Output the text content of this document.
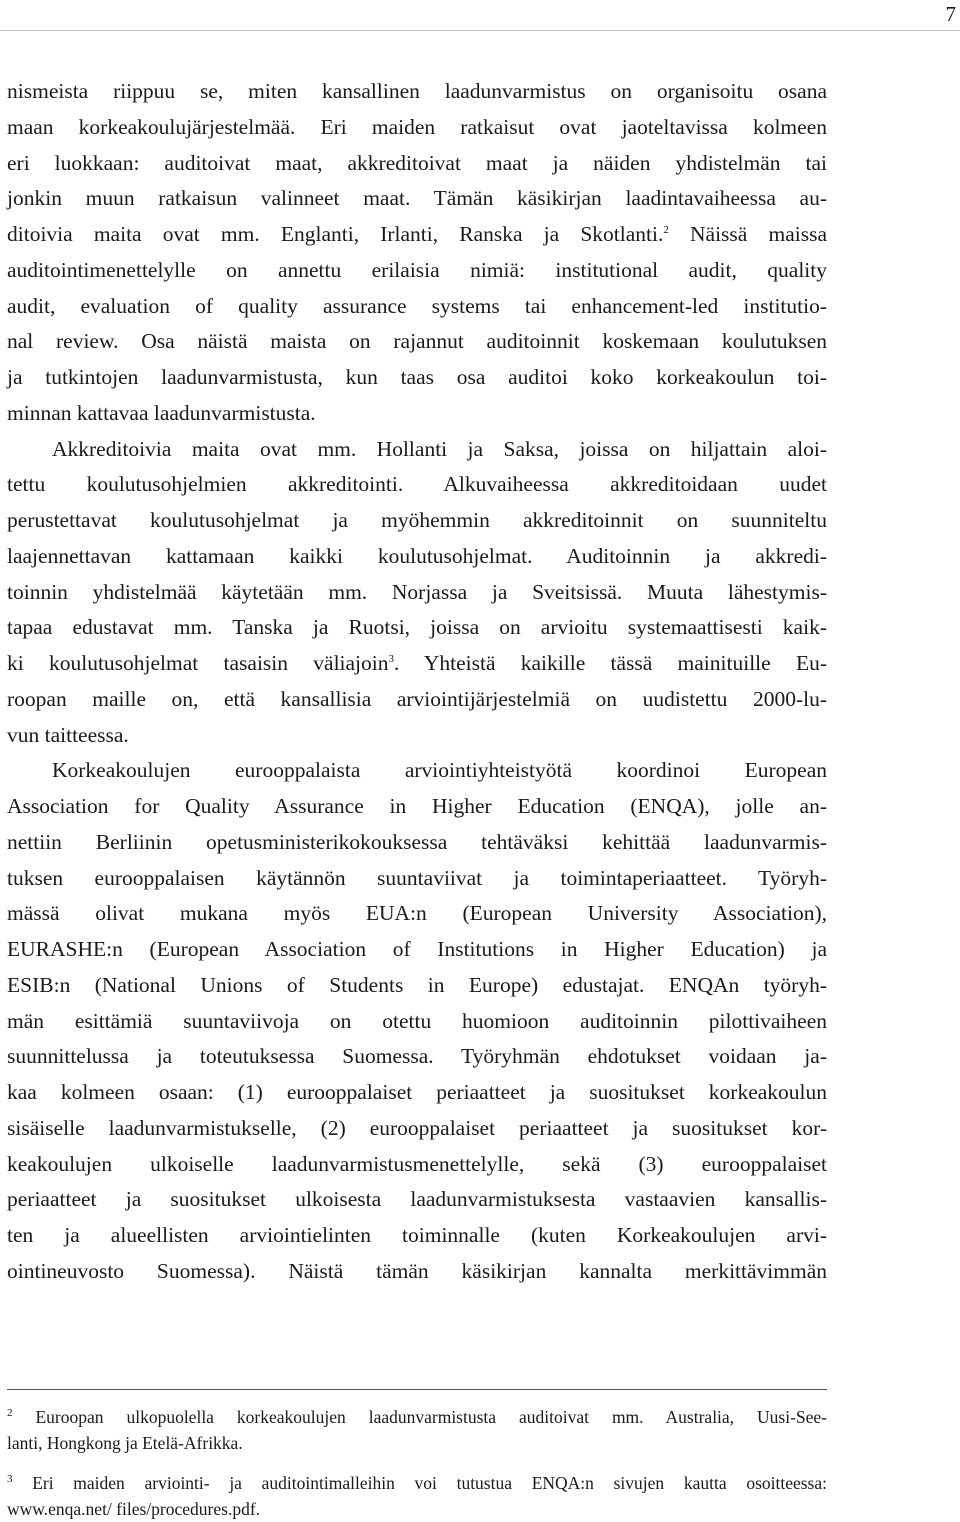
7
nismeista riippuu se, miten kansallinen laadunvarmistus on organisoitu osana
maan korkeakoulujärjestelmää. Eri maiden ratkaisut ovat jaoteltavissa kolmeen
eri luokkaan: auditoivat maat, akkreditoivat maat ja näiden yhdistelmän tai
jonkin muun ratkaisun valinneet maat. Tämän käsikirjan laadintavaiheessa au-
ditoivia maita ovat mm. Englanti, Irlanti, Ranska ja Skotlanti.$^2$ Näissä maissa
auditointimenettelylle on annettu erilaisia nimiä: institutional audit, quality
audit, evaluation of quality assurance systems tai enhancement-led institutio-
nal review. Osa näistä maista on rajannut auditoinnit koskemaan koulutuksen
ja tutkintojen laadunvarmistusta, kun taas osa auditoi koko korkeakoulun toi-
minnan kattavaa laadunvarmistusta.
Akkreditoivia maita ovat mm. Hollanti ja Saksa, joissa on hiljattain aloi-
tettu koulutusohjelmien akkreditointi. Alkuvaiheessa akkreditoidaan uudet
perustettavat koulutusohjelmat ja myöhemmin akkreditoinnit on suunniteltu
laajennettavan kattamaan kaikki koulutusohjelmat. Auditoinnin ja akkredi-
toinnin yhdistelmää käytetään mm. Norjassa ja Sveitsissä. Muuta lähestymis-
tapaa edustavat mm. Tanska ja Ruotsi, joissa on arvioitu systemaattisesti kaik-
ki koulutusohjelmat tasaisin väliajoin$^3$. Yhteistä kaikille tässä mainituille Eu-
roopan maille on, että kansallisia arviointijärjestelmiä on uudistettu 2000-lu-
vun taitteessa.
Korkeakoulujen eurooppalaista arviointiyhteistyötä koordinoi European
Association for Quality Assurance in Higher Education (ENQA), jolle an-
nettiin Berliinin opetusministerikokouksessa tehtäväksi kehittää laadunvarmis-
tuksen eurooppalaisen käytännön suuntaviivat ja toimintaperiaatteet. Työryh-
mässä olivat mukana myös EUA:n (European University Association),
EURASHE:n (European Association of Institutions in Higher Education) ja
ESIB:n (National Unions of Students in Europe) edustajat. ENQAn työryh-
män esittämiä suuntaviivoja on otettu huomioon auditoinnin pilottivaiheen
suunnittelussa ja toteutuksessa Suomessa. Työryhmän ehdotukset voidaan ja-
kaa kolmeen osaan: (1) eurooppalaiset periaatteet ja suositukset korkeakoulun
sisäiselle laadunvarmistukselle, (2) eurooppalaiset periaatteet ja suositukset kor-
keakoulujen ulkoiselle laadunvarmistusmenettelylle, sekä (3) eurooppalaiset
periaatteet ja suositukset ulkoisesta laadunvarmistuksesta vastaavien kansallis-
ten ja alueellisten arviointielinten toiminnalle (kuten Korkeakoulujen arvi-
ointineuvosto Suomessa). Näistä tämän käsikirjan kannalta merkittävimmän
$^2$ Euroopan ulkopuolella korkeakoulujen laadunvarmistusta auditoivat mm. Australia, Uusi-See-
lanti, Hongkong ja Etelä-Afrikka.
$^3$ Eri maiden arviointi- ja auditointimalleihin voi tutustua ENQA:n sivujen kautta osoitteessa:
www.enqa.net/ files/procedures.pdf.
